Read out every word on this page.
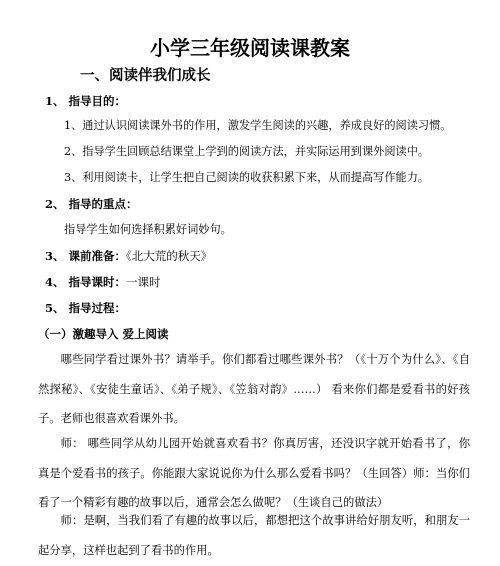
小学三年级阅读课教案
一、阅读伴我们成长
1、 指导目的：
1、通过认识阅读课外书的作用，激发学生阅读的兴趣，养成良好的阅读习惯。
2、指导学生回顾总结课堂上学到的阅读方法，并实际运用到课外阅读中。
3、利用阅读卡，让学生把自己阅读的收获积累下来，从而提高写作能力。
2、 指导的重点：
指导学生如何选择积累好词妙句。
3、 课前准备：《北大荒的秋天》
4、 指导课时：一课时
5、 指导过程：
（一）激趣导入 爱上阅读
哪些同学看过课外书？请举手。你们都看过哪些课外书？（《十万个为什么》、《自然探秘》、《安徒生童话》、《弟子规》、《笠翁对韵》……） 看来你们都是爱看书的好孩子。老师也很喜欢看课外书。
师： 哪些同学从幼儿园开始就喜欢看书？你真厉害，还没识字就开始看书了，你真是个爱看书的孩子。你能跟大家说说你为什么那么爱看书吗？（生回答）师：当你们看了一个精彩有趣的故事以后，通常会怎么做呢？（生谈自己的做法）
师：是啊，当我们看了有趣的故事以后，都想把这个故事讲给好朋友听，和朋友一起分享，这样也起到了看书的作用。
